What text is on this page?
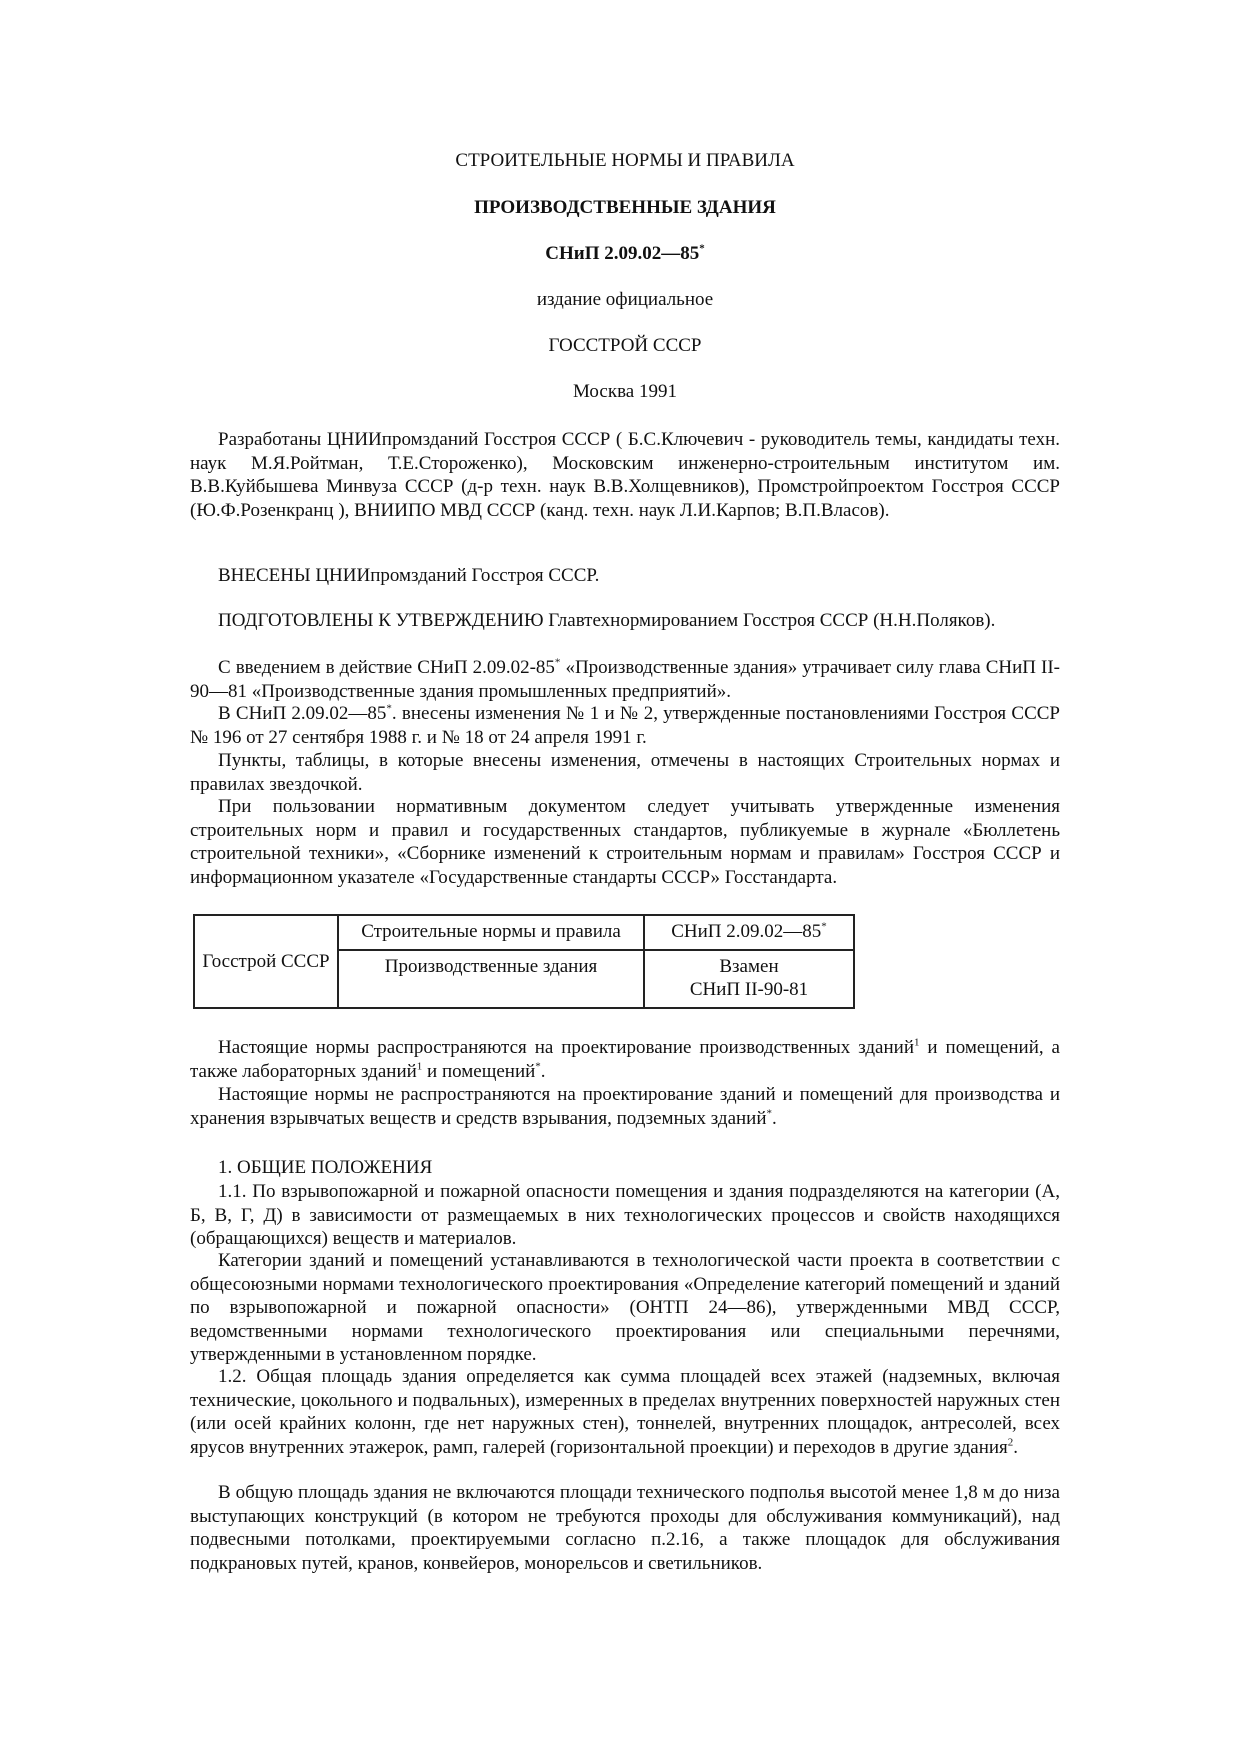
СТРОИТЕЛЬНЫЕ НОРМЫ И ПРАВИЛА
ПРОИЗВОДСТВЕННЫЕ ЗДАНИЯ
СНиП 2.09.02—85*
издание официальное
ГОССТРОЙ СССР
Москва 1991

Разработаны ЦНИИпромзданий Госстроя СССР ( Б.С.Ключевич - руководитель темы, кандидаты техн. наук М.Я.Ройтман, Т.Е.Стороженко), Московским инженерно-строительным институтом им. В.В.Куйбышева Минвуза СССР (д-р техн. наук В.В.Холщевников), Промстройпроектом Госстроя СССР (Ю.Ф.Розенкранц ), ВНИИПО МВД СССР (канд. техн. наук Л.И.Карпов; В.П.Власов).

ВНЕСЕНЫ ЦНИИпромзданий Госстроя СССР.

ПОДГОТОВЛЕНЫ К УТВЕРЖДЕНИЮ Главтехнормированием Госстроя СССР (Н.Н.Поляков).

С введением в действие СНиП 2.09.02-85* «Производственные здания» утрачивает силу глава СНиП II-90—81 «Производственные здания промышленных предприятий».

В СНиП 2.09.02—85*. внесены изменения № 1 и № 2, утвержденные постановлениями Госстроя СССР № 196 от 27 сентября 1988 г. и № 18 от 24 апреля 1991 г.

Пункты, таблицы, в которые внесены изменения, отмечены в настоящих Строительных нормах и правилах звездочкой.

При пользовании нормативным документом следует учитывать утвержденные изменения строительных норм и правил и государственных стандартов, публикуемые в журнале «Бюллетень строительной техники», «Сборнике изменений к строительным нормам и правилам» Госстроя СССР и информационном указателе «Государственные стандарты СССР» Госстандарта.

Госстрой СССР	Строительные нормы и правила	СНиП 2.09.02—85*
	Производственные здания	Взамен
СНиП II-90-81

Настоящие нормы распространяются на проектирование производственных зданий$^1$ и помещений, а также лабораторных зданий$^1$ и помещений*.

Настоящие нормы не распространяются на проектирование зданий и помещений для производства и хранения взрывчатых веществ и средств взрывания, подземных зданий*.

1. ОБЩИЕ ПОЛОЖЕНИЯ

1.1. По взрывопожарной и пожарной опасности помещения и здания подразделяются на категории (А, Б, В, Г, Д) в зависимости от размещаемых в них технологических процессов и свойств находящихся (обращающихся) веществ и материалов.

Категории зданий и помещений устанавливаются в технологической части проекта в соответствии с общесоюзными нормами технологического проектирования «Определение категорий помещений и зданий по взрывопожарной и пожарной опасности» (ОНТП 24—86), утвержденными МВД СССР, ведомственными нормами технологического проектирования или специальными перечнями, утвержденными в установленном порядке.

1.2. Общая площадь здания определяется как сумма площадей всех этажей (надземных, включая технические, цокольного и подвальных), измеренных в пределах внутренних поверхностей наружных стен (или осей крайних колонн, где нет наружных стен), тоннелей, внутренних площадок, антресолей, всех ярусов внутренних этажерок, рамп, галерей (горизонтальной проекции) и переходов в другие здания$^2$.

В общую площадь здания не включаются площади технического подполья высотой менее 1,8 м до низа выступающих конструкций (в котором не требуются проходы для обслуживания коммуникаций), над подвесными потолками, проектируемыми согласно п.2.16, а также площадок для обслуживания подкрановых путей, кранов, конвейеров, монорельсов и светильников.
